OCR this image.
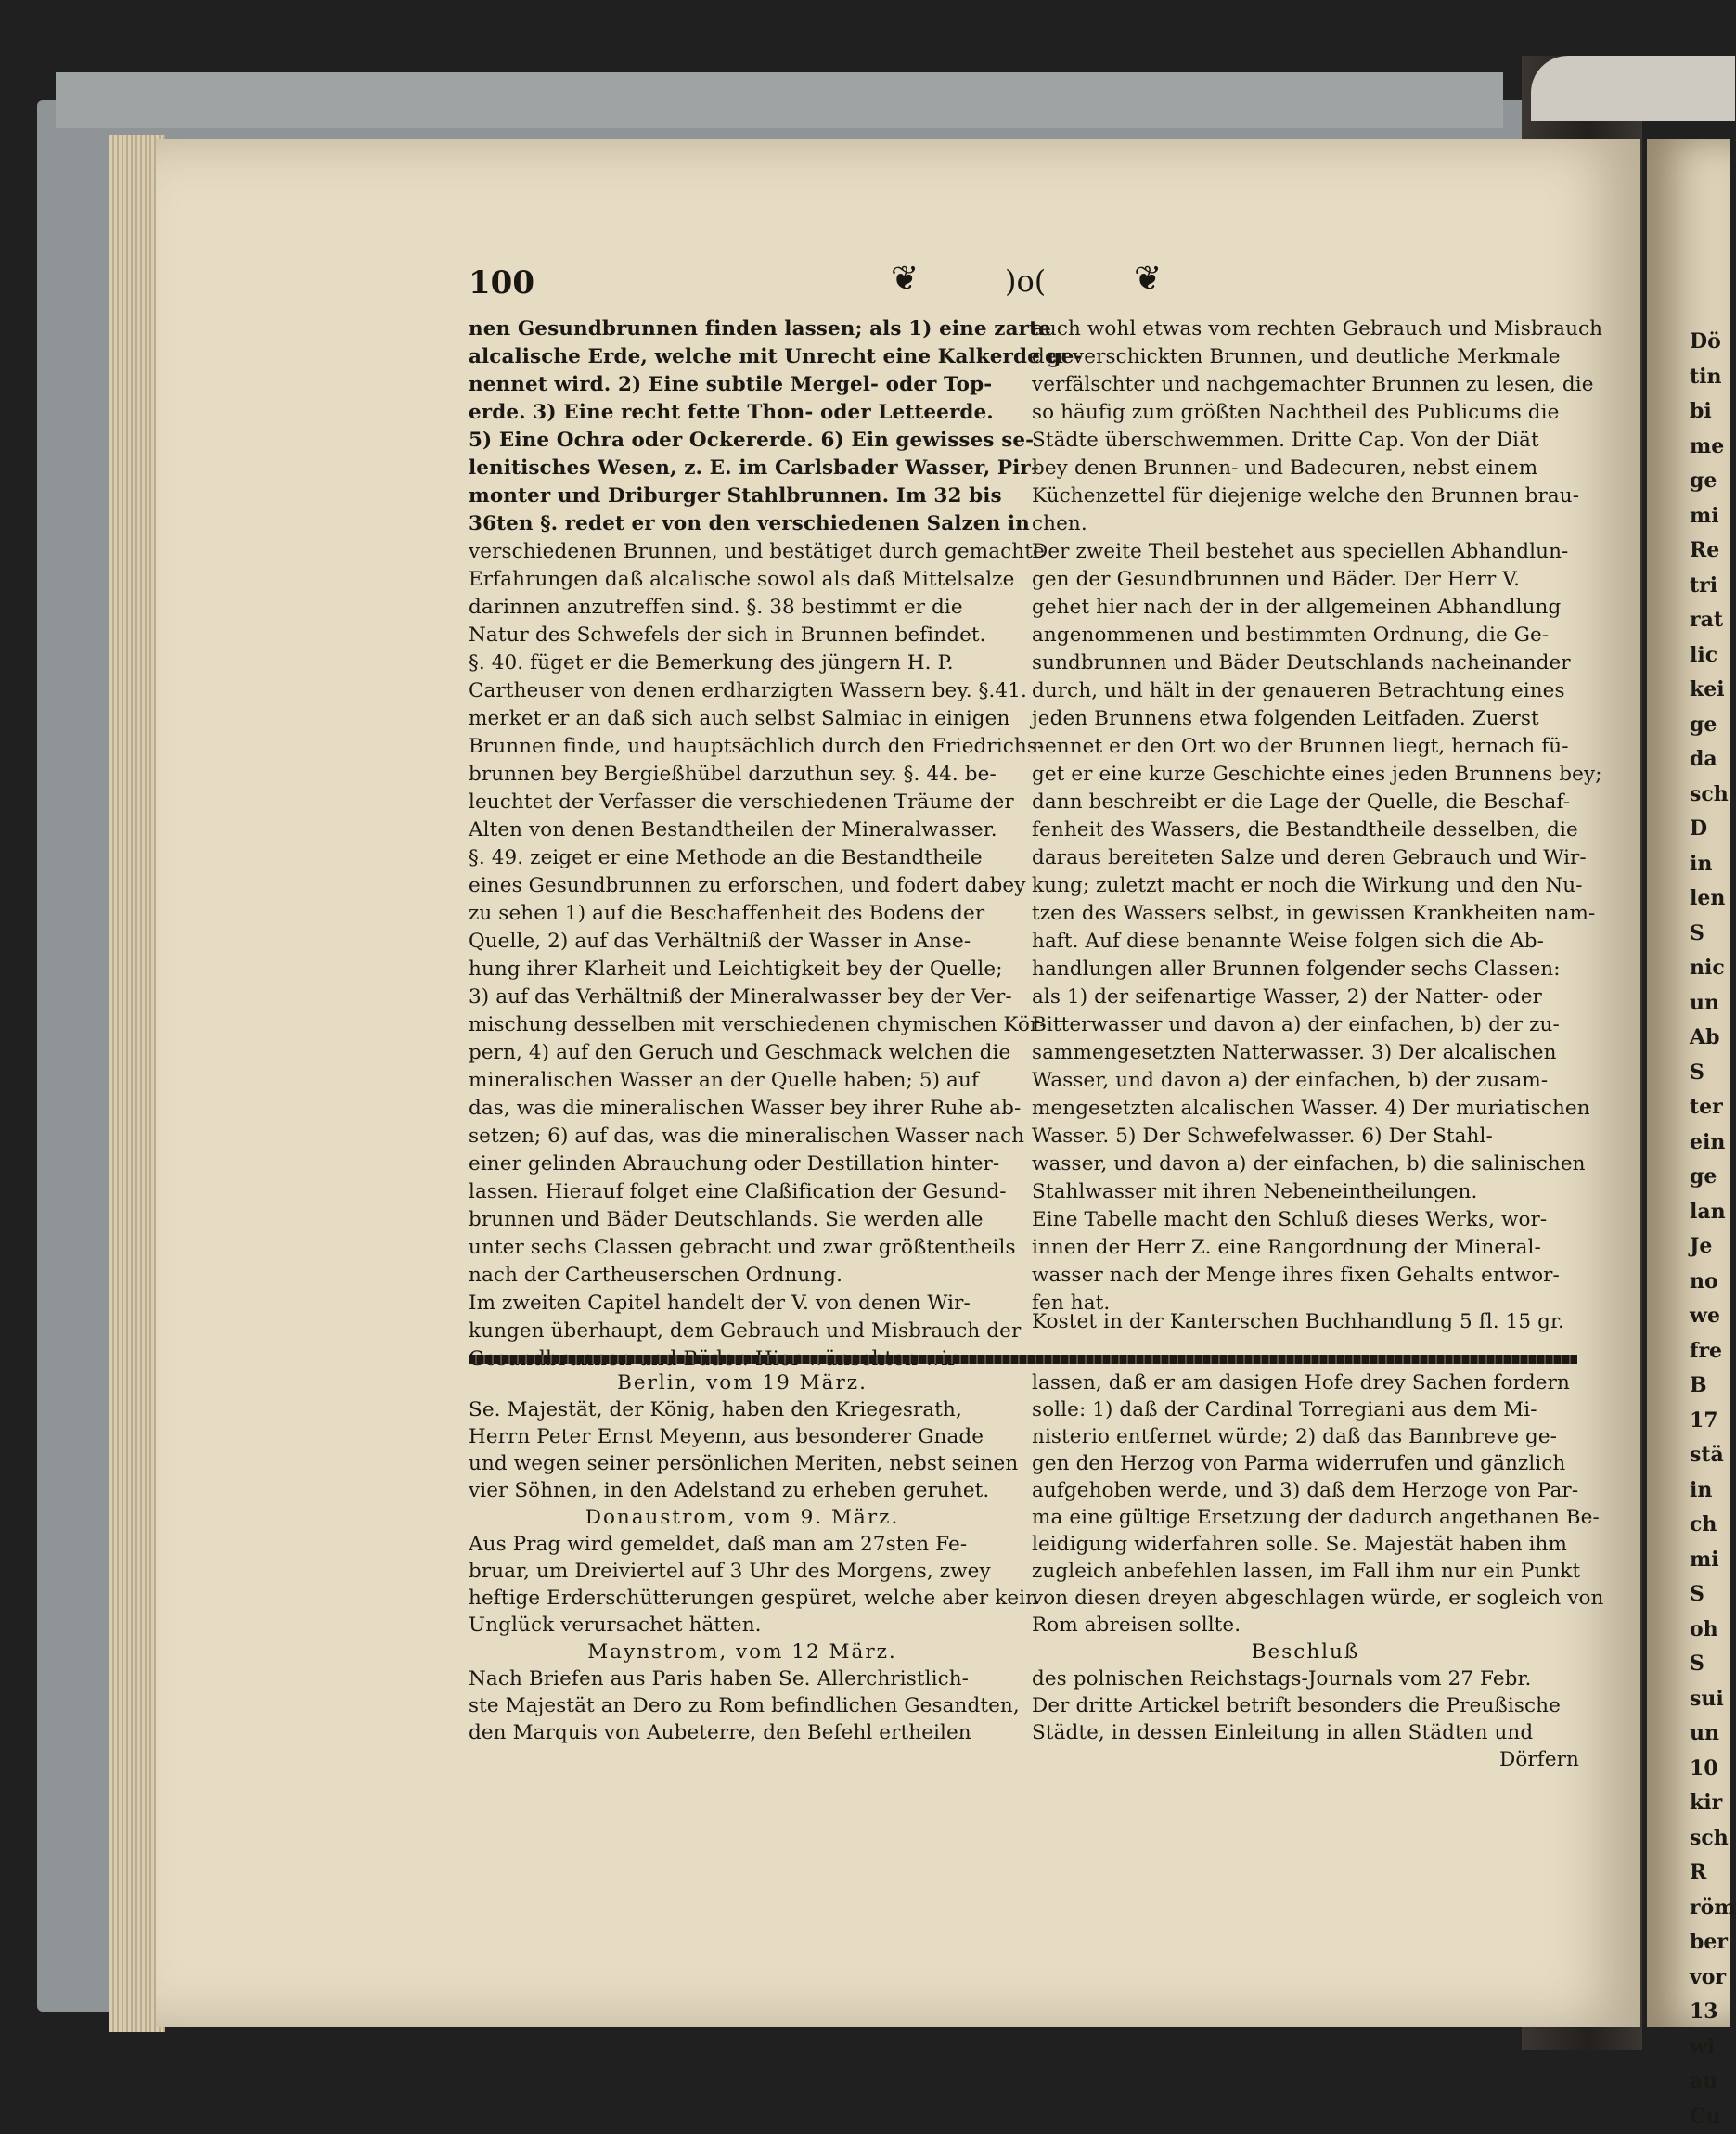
Dö
tin
bi
me
ge
mi
Re
tri
rat
lic
kei
ge
da
sch
D
in
len
S
nic
un
Ab
S
ter
ein
ge
lan
Je
no
we
fre
B
17
stä
in
ch
mi
S
oh
S
sui
un
10
kir
sch
R
röm
ber
vor
13
wi
au
Cu
100	❦	)o(	❦
nen Gesundbrunnen finden lassen; als 1) eine zarte
alcalische Erde, welche mit Unrecht eine Kalkerde ge-
nennet wird. 2) Eine subtile Mergel- oder Top-
erde. 3) Eine recht fette Thon- oder Letteerde.
5) Eine Ochra oder Ockererde. 6) Ein gewisses se-
lenitisches Wesen, z. E. im Carlsbader Wasser, Pir-
monter und Driburger Stahlbrunnen. Im 32 bis
36ten §. redet er von den verschiedenen Salzen in
verschiedenen Brunnen, und bestätiget durch gemachte
Erfahrungen daß alcalische sowol als daß Mittelsalze
darinnen anzutreffen sind. §. 38 bestimmt er die
Natur des Schwefels der sich in Brunnen befindet.
§. 40. füget er die Bemerkung des jüngern H. P.
Cartheuser von denen erdharzigten Wassern bey. §.41.
merket er an daß sich auch selbst Salmiac in einigen
Brunnen finde, und hauptsächlich durch den Friedrichs-
brunnen bey Bergießhübel darzuthun sey. §. 44. be-
leuchtet der Verfasser die verschiedenen Träume der
Alten von denen Bestandtheilen der Mineralwasser.
§. 49. zeiget er eine Methode an die Bestandtheile
eines Gesundbrunnen zu erforschen, und fodert dabey
zu sehen 1) auf die Beschaffenheit des Bodens der
Quelle, 2) auf das Verhältniß der Wasser in Anse-
hung ihrer Klarheit und Leichtigkeit bey der Quelle;
3) auf das Verhältniß der Mineralwasser bey der Ver-
mischung desselben mit verschiedenen chymischen Kör-
pern, 4) auf den Geruch und Geschmack welchen die
mineralischen Wasser an der Quelle haben; 5) auf
das, was die mineralischen Wasser bey ihrer Ruhe ab-
setzen; 6) auf das, was die mineralischen Wasser nach
einer gelinden Abrauchung oder Destillation hinter-
lassen. Hierauf folget eine Claßification der Gesund-
brunnen und Bäder Deutschlands. Sie werden alle
unter sechs Classen gebracht und zwar größtentheils
nach der Cartheuserschen Ordnung.
Im zweiten Capitel handelt der V. von denen Wir-
kungen überhaupt, dem Gebrauch und Misbrauch der
auch wohl etwas vom rechten Gebrauch und Misbrauch
der verschickten Brunnen, und deutliche Merkmale
verfälschter und nachgemachter Brunnen zu lesen, die
so häufig zum größten Nachtheil des Publicums die
Städte überschwemmen. Dritte Cap. Von der Diät
bey denen Brunnen- und Badecuren, nebst einem
Küchenzettel für diejenige welche den Brunnen brau-
chen.
Der zweite Theil bestehet aus speciellen Abhandlun-
gen der Gesundbrunnen und Bäder. Der Herr V.
gehet hier nach der in der allgemeinen Abhandlung
angenommenen und bestimmten Ordnung, die Ge-
sundbrunnen und Bäder Deutschlands nacheinander
durch, und hält in der genaueren Betrachtung eines
jeden Brunnens etwa folgenden Leitfaden. Zuerst
nennet er den Ort wo der Brunnen liegt, hernach fü-
get er eine kurze Geschichte eines jeden Brunnens bey;
dann beschreibt er die Lage der Quelle, die Beschaf-
fenheit des Wassers, die Bestandtheile desselben, die
daraus bereiteten Salze und deren Gebrauch und Wir-
kung; zuletzt macht er noch die Wirkung und den Nu-
tzen des Wassers selbst, in gewissen Krankheiten nam-
haft. Auf diese benannte Weise folgen sich die Ab-
handlungen aller Brunnen folgender sechs Classen:
als 1) der seifenartige Wasser, 2) der Natter- oder
Bitterwasser und davon a) der einfachen, b) der zu-
sammengesetzten Natterwasser. 3) Der alcalischen
Wasser, und davon a) der einfachen, b) der zusam-
mengesetzten alcalischen Wasser. 4) Der muriatischen
Wasser. 5) Der Schwefelwasser. 6) Der Stahl-
wasser, und davon a) der einfachen, b) die salinischen
Stahlwasser mit ihren Nebeneintheilungen.
Eine Tabelle macht den Schluß dieses Werks, wor-
innen der Herr Z. eine Rangordnung der Mineral-
wasser nach der Menge ihres fixen Gehalts entwor-
fen hat.
Kostet in der Kanterschen Buchhandlung 5 fl. 15 gr.
Berlin, vom 19 März.
Se. Majestät, der König, haben den Kriegesrath,
Herrn Peter Ernst Meyenn, aus besonderer Gnade
und wegen seiner persönlichen Meriten, nebst seinen
vier Söhnen, in den Adelstand zu erheben geruhet.
Donaustrom, vom 9. März.
Aus Prag wird gemeldet, daß man am 27sten Fe-
bruar, um Dreiviertel auf 3 Uhr des Morgens, zwey
heftige Erderschütterungen gespüret, welche aber kein
Unglück verursachet hätten.
Maynstrom, vom 12 März.
Nach Briefen aus Paris haben Se. Allerchristlich-
ste Majestät an Dero zu Rom befindlichen Gesandten,
den Marquis von Aubeterre, den Befehl ertheilen
lassen, daß er am dasigen Hofe drey Sachen fordern
solle: 1) daß der Cardinal Torregiani aus dem Mi-
nisterio entfernet würde; 2) daß das Bannbreve ge-
gen den Herzog von Parma widerrufen und gänzlich
aufgehoben werde, und 3) daß dem Herzoge von Par-
ma eine gültige Ersetzung der dadurch angethanen Be-
leidigung widerfahren solle. Se. Majestät haben ihm
zugleich anbefehlen lassen, im Fall ihm nur ein Punkt
von diesen dreyen abgeschlagen würde, er sogleich von
Rom abreisen sollte.
Beschluß
des polnischen Reichstags-Journals vom 27 Febr.
Der dritte Artickel betrift besonders die Preußische
Städte, in dessen Einleitung in allen Städten und
Dörfern
